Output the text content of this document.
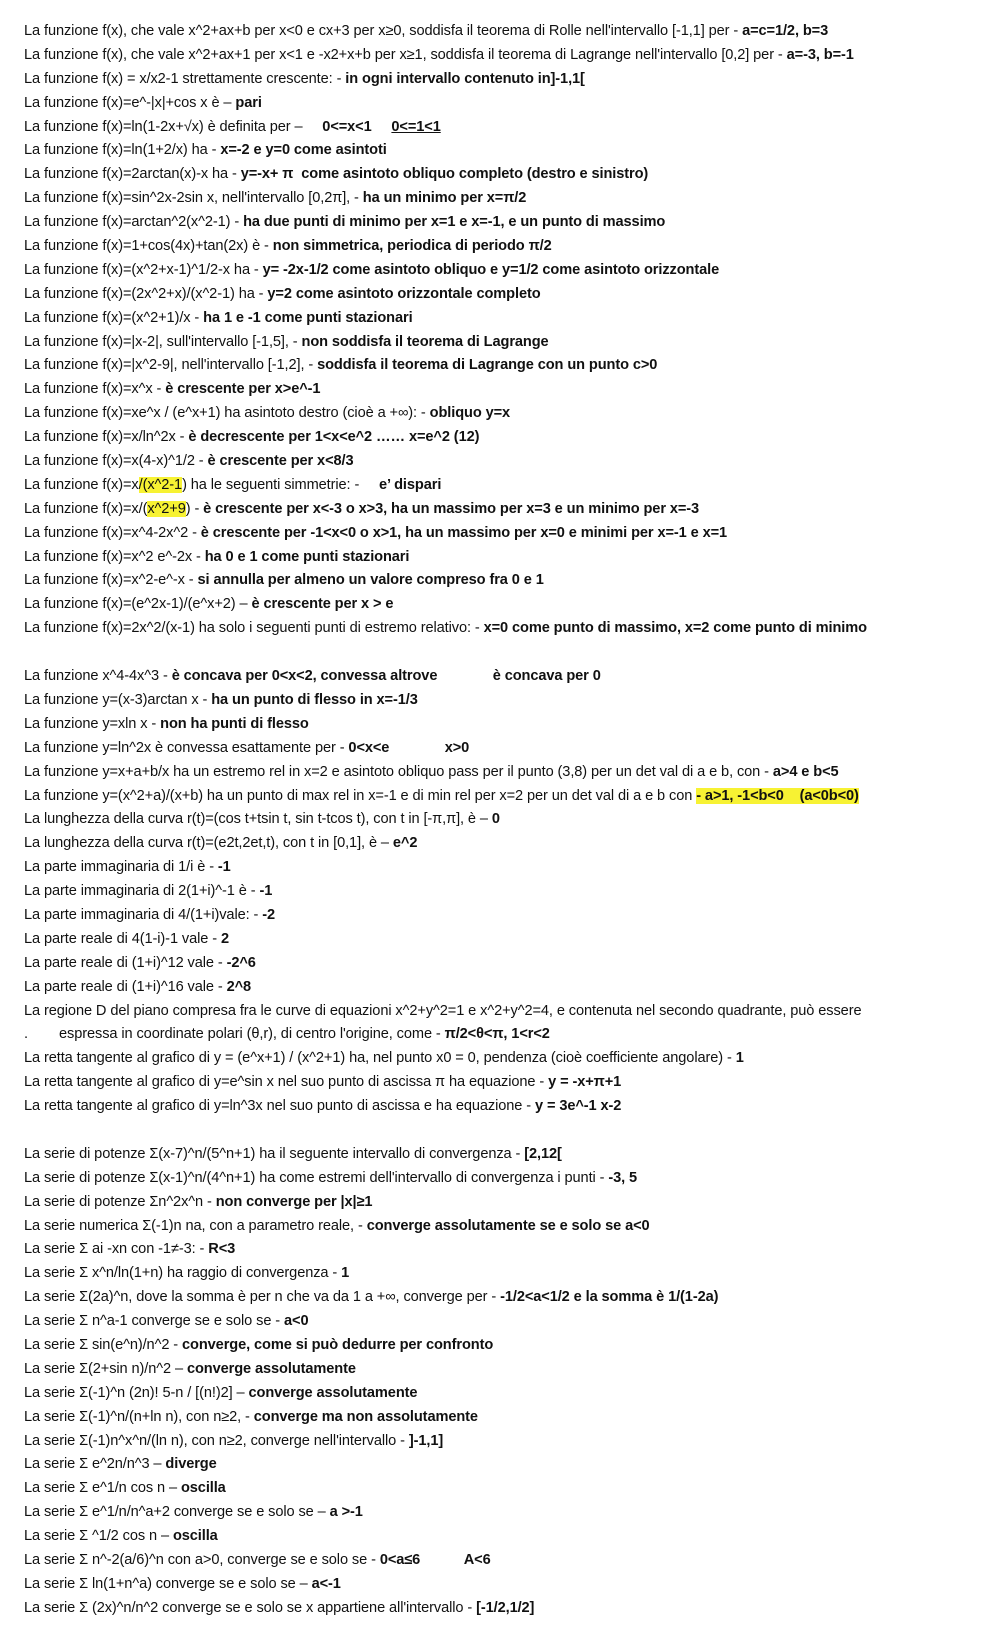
La funzione f(x), che vale x^2+ax+b per x<0 e cx+3 per x≥0, soddisfa il teorema di Rolle nell'intervallo [-1,1] per - a=c=1/2, b=3
La funzione f(x), che vale x^2+ax+1 per x<1 e -x2+x+b per x≥1, soddisfa il teorema di Lagrange nell'intervallo [0,2] per - a=-3, b=-1
La funzione f(x) = x/x2-1 strettamente crescente: - in ogni intervallo contenuto in]-1,1[
La funzione f(x)=e^-|x|+cos x è – pari
La funzione f(x)=ln(1-2x+√x) è definita per –     0<=x<1 0<=1<1
La funzione f(x)=ln(1+2/x) ha - x=-2 e y=0 come asintoti
La funzione f(x)=2arctan(x)-x ha - y=-x+ π  come asintoto obliquo completo (destro e sinistro)
La funzione f(x)=sin^2x-2sin x, nell'intervallo [0,2π], - ha un minimo per x=π/2
La funzione f(x)=arctan^2(x^2-1) - ha due punti di minimo per x=1 e x=-1, e un punto di massimo
La funzione f(x)=1+cos(4x)+tan(2x) è - non simmetrica, periodica di periodo π/2
La funzione f(x)=(x^2+x-1)^1/2-x ha - y= -2x-1/2 come asintoto obliquo e y=1/2 come asintoto orizzontale
La funzione f(x)=(2x^2+x)/(x^2-1) ha - y=2 come asintoto orizzontale completo
La funzione f(x)=(x^2+1)/x - ha 1 e -1 come punti stazionari
La funzione f(x)=|x-2|, sull'intervallo [-1,5], - non soddisfa il teorema di Lagrange
La funzione f(x)=|x^2-9|, nell'intervallo [-1,2], - soddisfa il teorema di Lagrange con un punto c>0
La funzione f(x)=x^x - è crescente per x>e^-1
La funzione f(x)=xe^x / (e^x+1) ha asintoto destro (cioè a +∞): - obliquo y=x
La funzione f(x)=x/ln^2x - è decrescente per 1<x<e^2 …… x=e^2 (12)
La funzione f(x)=x(4-x)^1/2 - è crescente per x<8/3
La funzione f(x)=x/(x^2-1) ha le seguenti simmetrie: -     e’ dispari
La funzione f(x)=x/(x^2+9) - è crescente per x<-3 o x>3, ha un massimo per x=3 e un minimo per x=-3
La funzione f(x)=x^4-2x^2 - è crescente per -1<x<0 o x>1, ha un massimo per x=0 e minimi per x=-1 e x=1
La funzione f(x)=x^2 e^-2x - ha 0 e 1 come punti stazionari
La funzione f(x)=x^2-e^-x - si annulla per almeno un valore compreso fra 0 e 1
La funzione f(x)=(e^2x-1)/(e^x+2) – è crescente per x > e
La funzione f(x)=2x^2/(x-1) ha solo i seguenti punti di estremo relativo: - x=0 come punto di massimo, x=2 come punto di minimo
La funzione x^4-4x^3 - è concava per 0<x<2, convessa altrove	è concava per 0
La funzione y=(x-3)arctan x - ha un punto di flesso in x=-1/3
La funzione y=xln x - non ha punti di flesso
La funzione y=ln^2x è convessa esattamente per - 0<x<e	x>0
La funzione y=x+a+b/x ha un estremo rel in x=2 e asintoto obliquo pass per il punto (3,8) per un det val di a e b, con - a>4 e b<5
La funzione y=(x^2+a)/(x+b) ha un punto di max rel in x=-1 e di min rel per x=2 per un det val di a e b con - a>1, -1<b<0    (a<0b<0)
La lunghezza della curva r(t)=(cos t+tsin t, sin t-tcos t), con t in [-π,π], è – 0
La lunghezza della curva r(t)=(e2t,2et,t), con t in [0,1], è – e^2
La parte immaginaria di 1/i è - -1
La parte immaginaria di 2(1+i)^-1 è - -1
La parte immaginaria di 4/(1+i)vale: - -2
La parte reale di 4(1-i)-1 vale - 2
La parte reale di (1+i)^12 vale - -2^6
La parte reale di (1+i)^16 vale - 2^8
La regione D del piano compresa fra le curve di equazioni x^2+y^2=1 e x^2+y^2=4, e contenuta nel secondo quadrante, può essere
. espressa in coordinate polari (θ,r), di centro l'origine, come - π/2<θ<π, 1<r<2
La retta tangente al grafico di y = (e^x+1) / (x^2+1) ha, nel punto x0 = 0, pendenza (cioè coefficiente angolare) - 1
La retta tangente al grafico di y=e^sin x nel suo punto di ascissa π ha equazione - y = -x+π+1
La retta tangente al grafico di y=ln^3x nel suo punto di ascissa e ha equazione - y = 3e^-1 x-2
La serie di potenze Σ(x-7)^n/(5^n+1) ha il seguente intervallo di convergenza - [2,12[
La serie di potenze Σ(x-1)^n/(4^n+1) ha come estremi dell'intervallo di convergenza i punti - -3, 5
La serie di potenze Σn^2x^n - non converge per |x|≥1
La serie numerica Σ(-1)n na, con a parametro reale, - converge assolutamente se e solo se a<0
La serie Σ ai -xn con -1≠-3: - R<3
La serie Σ x^n/ln(1+n) ha raggio di convergenza - 1
La serie Σ(2a)^n, dove la somma è per n che va da 1 a +∞, converge per - -1/2<a<1/2 e la somma è 1/(1-2a)
La serie Σ n^a-1 converge se e solo se - a<0
La serie Σ sin(e^n)/n^2 - converge, come si può dedurre per confronto
La serie Σ(2+sin n)/n^2 – converge assolutamente
La serie Σ(-1)^n (2n)! 5-n / [(n!)2] – converge assolutamente
La serie Σ(-1)^n/(n+ln n), con n≥2, - converge ma non assolutamente
La serie Σ(-1)n^x^n/(ln n), con n≥2, converge nell'intervallo - ]-1,1]
La serie Σ e^2n/n^3 – diverge
La serie Σ e^1/n cos n – oscilla
La serie Σ e^1/n/n^a+2 converge se e solo se – a >-1
La serie Σ ^1/2 cos n – oscilla
La serie Σ n^-2(a/6)^n con a>0, converge se e solo se - 0<a≤6	A<6
La serie Σ ln(1+n^a) converge se e solo se – a<-1
La serie Σ (2x)^n/n^2 converge se e solo se x appartiene all'intervallo - [-1/2,1/2]
